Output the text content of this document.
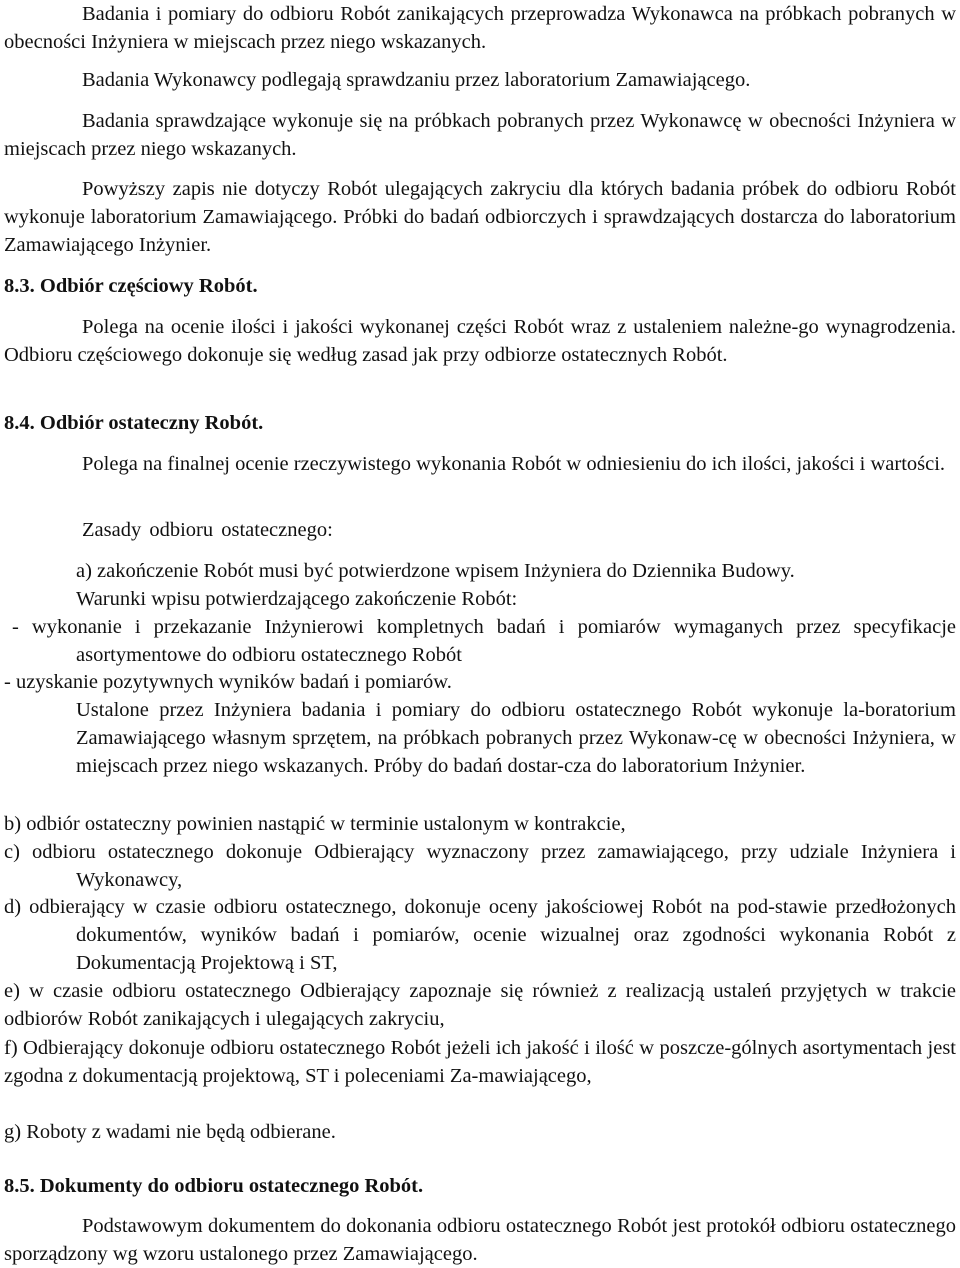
Badania i pomiary do odbioru Robót zanikających przeprowadza Wykonawca na próbkach pobranych w obecności Inżyniera w miejscach przez niego wskazanych.

Badania Wykonawcy podlegają sprawdzaniu przez laboratorium Zamawiającego.

Badania sprawdzające wykonuje się na próbkach pobranych przez Wykonawcę w obecności Inżyniera w miejscach przez niego wskazanych.

Powyższy zapis nie dotyczy Robót ulegających zakryciu dla których badania próbek do odbioru Robót wykonuje laboratorium Zamawiającego. Próbki do badań odbiorczych i sprawdzających dostarcza do laboratorium Zamawiającego Inżynier.

8.3. Odbiór częściowy Robót.

Polega na ocenie ilości i jakości wykonanej części Robót wraz z ustaleniem należne-go wynagrodzenia. Odbioru częściowego dokonuje się według zasad jak przy odbiorze ostatecznych Robót.

8.4. Odbiór ostateczny Robót.

Polega na finalnej ocenie rzeczywistego wykonania Robót w odniesieniu do ich ilości, jakości i wartości.

Zasady odbioru ostatecznego:

a) zakończenie Robót musi być potwierdzone wpisem Inżyniera do Dziennika Budowy.

Warunki wpisu potwierdzającego zakończenie Robót:

- wykonanie i przekazanie Inżynierowi kompletnych badań i pomiarów wymaganych przez specyfikacje asortymentowe do odbioru ostatecznego Robót

- uzyskanie pozytywnych wyników badań i pomiarów.

Ustalone przez Inżyniera badania i pomiary do odbioru ostatecznego Robót wykonuje la-boratorium Zamawiającego własnym sprzętem, na próbkach pobranych przez Wykonaw-cę w obecności Inżyniera, w miejscach przez niego wskazanych. Próby do badań dostar-cza do laboratorium Inżynier.

b) odbiór ostateczny powinien nastąpić w terminie ustalonym w kontrakcie,

c) odbioru ostatecznego dokonuje Odbierający wyznaczony przez zamawiającego, przy udziale Inżyniera i Wykonawcy,

d) odbierający w czasie odbioru ostatecznego, dokonuje oceny jakościowej Robót na pod-stawie przedłożonych dokumentów, wyników badań i pomiarów, ocenie wizualnej oraz zgodności wykonania Robót z Dokumentacją Projektową i ST,

e) w czasie odbioru ostatecznego Odbierający zapoznaje się również z realizacją ustaleń przyjętych w trakcie odbiorów Robót zanikających i ulegających zakryciu,

f) Odbierający dokonuje odbioru ostatecznego Robót jeżeli ich jakość i ilość w poszcze-gólnych asortymentach jest zgodna z dokumentacją projektową, ST i poleceniami Za-mawiającego,

g) Roboty z wadami nie będą odbierane.

8.5. Dokumenty do odbioru ostatecznego Robót.

Podstawowym dokumentem do dokonania odbioru ostatecznego Robót jest protokół odbioru ostatecznego sporządzony wg wzoru ustalonego przez Zamawiającego.
